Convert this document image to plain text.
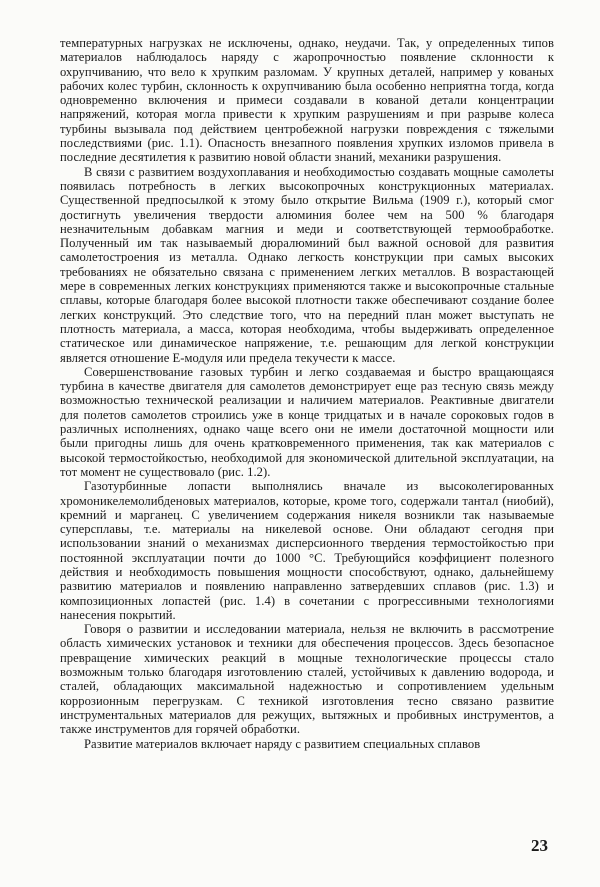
температурных нагрузках не исключены, однако, неудачи. Так, у определенных типов материалов наблюдалось наряду с жаропрочностью появление склонности к охрупчиванию, что вело к хрупким разломам. У крупных деталей, например у кованых рабочих колес турбин, склонность к охрупчиванию была особенно неприятна тогда, когда одновременно включения и примеси создавали в кованой детали концентрации напряжений, которая могла привести к хрупким разрушениям и при разрыве колеса турбины вызывала под действием центробежной нагрузки повреждения с тяжелыми последствиями (рис. 1.1). Опасность внезапного появления хрупких изломов привела в последние десятилетия к развитию новой области знаний, механики разрушения.

В связи с развитием воздухоплавания и необходимостью создавать мощные самолеты появилась потребность в легких высокопрочных конструкционных материалах. Существенной предпосылкой к этому было открытие Вильма (1909 г.), который смог достигнуть увеличения твердости алюминия более чем на 500 % благодаря незначительным добавкам магния и меди и соответствующей термообработке. Полученный им так называемый дюралюминий был важной основой для развития самолетостроения из металла. Однако легкость конструкции при самых высоких требованиях не обязательно связана с применением легких металлов. В возрастающей мере в современных легких конструкциях применяются также и высокопрочные стальные сплавы, которые благодаря более высокой плотности также обеспечивают создание более легких конструкций. Это следствие того, что на передний план может выступать не плотность материала, а масса, которая необходима, чтобы выдерживать определенное статическое или динамическое напряжение, т.е. решающим для легкой конструкции является отношение E-модуля или предела текучести к массе.

Совершенствование газовых турбин и легко создаваемая и быстро вращающаяся турбина в качестве двигателя для самолетов демонстрирует еще раз тесную связь между возможностью технической реализации и наличием материалов. Реактивные двигатели для полетов самолетов строились уже в конце тридцатых и в начале сороковых годов в различных исполнениях, однако чаще всего они не имели достаточной мощности или были пригодны лишь для очень кратковременного применения, так как материалов с высокой термостойкостью, необходимой для экономической длительной эксплуатации, на тот момент не существовало (рис. 1.2).

Газотурбинные лопасти выполнялись вначале из высоколегированных хромоникелемолибденовых материалов, которые, кроме того, содержали тантал (ниобий), кремний и марганец. С увеличением содержания никеля возникли так называемые суперсплавы, т.е. материалы на никелевой основе. Они обладают сегодня при использовании знаний о механизмах дисперсионного твердения термостойкостью при постоянной эксплуатации почти до 1000 °С. Требующийся коэффициент полезного действия и необходимость повышения мощности способствуют, однако, дальнейшему развитию материалов и появлению направленно затвердевших сплавов (рис. 1.3) и композиционных лопастей (рис. 1.4) в сочетании с прогрессивными технологиями нанесения покрытий.

Говоря о развитии и исследовании материала, нельзя не включить в рассмотрение область химических установок и техники для обеспечения процессов. Здесь безопасное превращение химических реакций в мощные технологические процессы стало возможным только благодаря изготовлению сталей, устойчивых к давлению водорода, и сталей, обладающих максимальной надежностью и сопротивлением удельным коррозионным перегрузкам. С техникой изготовления тесно связано развитие инструментальных материалов для режущих, вытяжных и пробивных инструментов, а также инструментов для горячей обработки.

Развитие материалов включает наряду с развитием специальных сплавов

23
